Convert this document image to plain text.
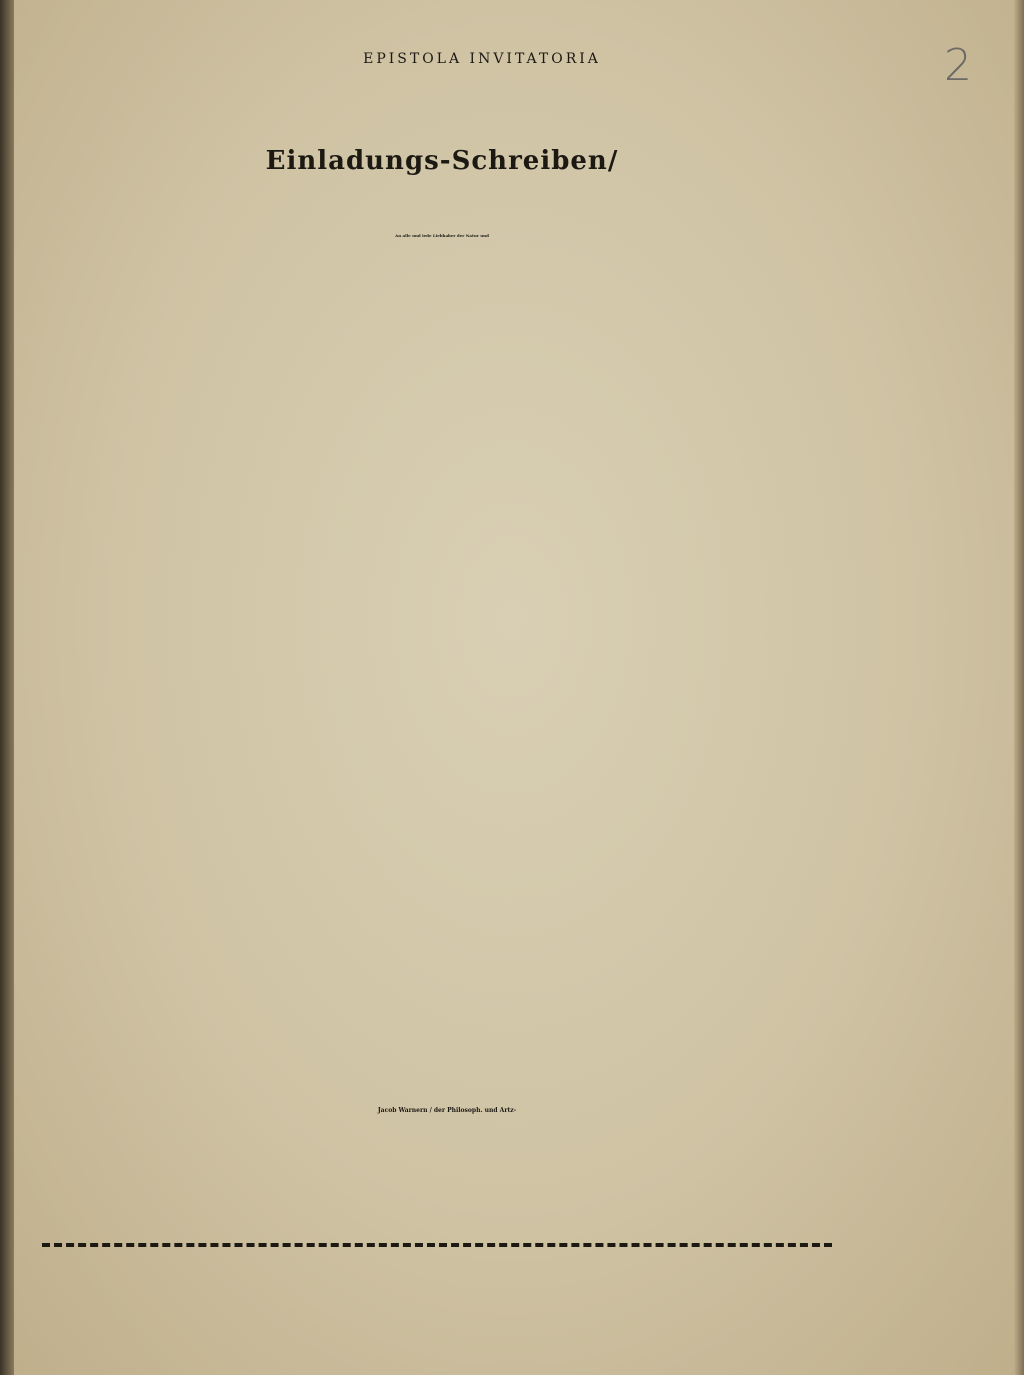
2
EPISTOLA INVITATORIA
Einladungs-Schreiben/
An alle und iede Liebhaber der Natur und
Jacob Warnern / der Philosoph. und Artz-
